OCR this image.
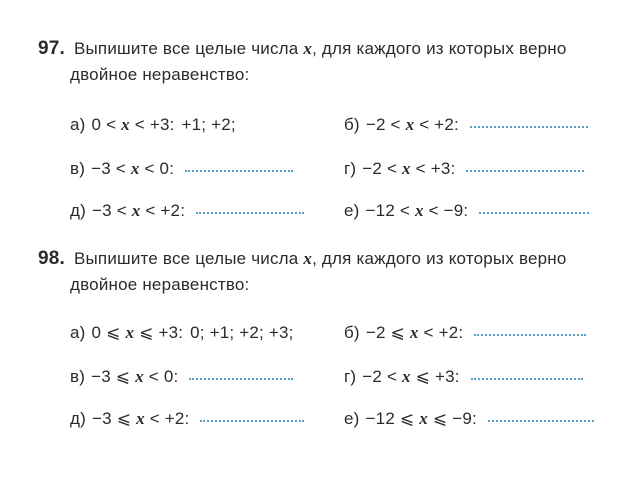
97. Выпишите все целые числа x, для каждого из которых верно
двойное неравенство:
а) 0 < x < +3: +1; +2;	б) −2 < x < +2:
в) −3 < x < 0:	г) −2 < x < +3:
д) −3 < x < +2:	е) −12 < x < −9:
98. Выпишите все целые числа x, для каждого из которых верно
двойное неравенство:
а) 0 ⩽ x ⩽ +3: 0; +1; +2; +3;	б) −2 ⩽ x < +2:
в) −3 ⩽ x < 0:	г) −2 < x ⩽ +3:
д) −3 ⩽ x < +2:	е) −12 ⩽ x ⩽ −9:
